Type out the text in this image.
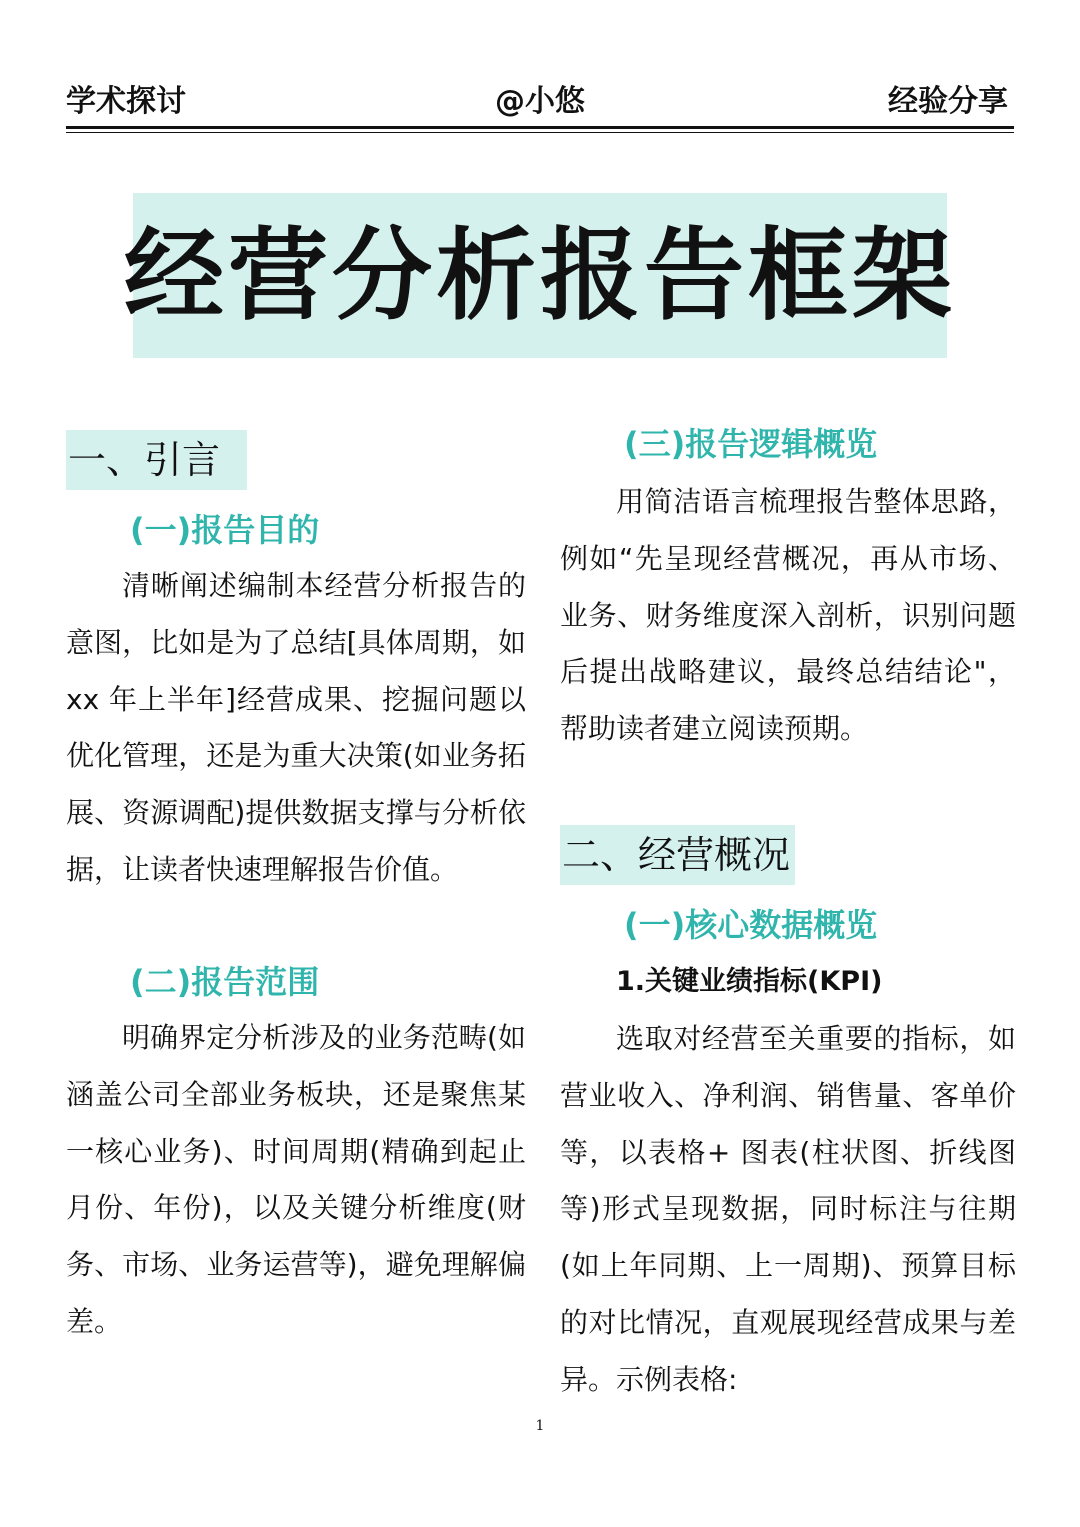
学术探讨	@小悠	经验分享
经营分析报告框架
一、引言
(一)报告目的

清晰阐述编制本经营分析报告的意图，比如是为了总结[具体周期，如 xx 年上半年]经营成果、挖掘问题以优化管理，还是为重大决策(如业务拓展、资源调配)提供数据支撑与分析依据，让读者快速理解报告价值。

(二)报告范围

明确界定分析涉及的业务范畴(如涵盖公司全部业务板块，还是聚焦某一核心业务)、时间周期(精确到起止月份、年份)，以及关键分析维度(财务、市场、业务运营等)，避免理解偏差。

(三)报告逻辑概览

用简洁语言梳理报告整体思路，例如“先呈现经营概况，再从市场、业务、财务维度深入剖析，识别问题后提出战略建议，最终总结结论"，帮助读者建立阅读预期。

二、经营概况
(一)核心数据概览
1.关键业绩指标(KPI)

选取对经营至关重要的指标，如营业收入、净利润、销售量、客单价等，以表格+ 图表(柱状图、折线图等)形式呈现数据，同时标注与往期(如上年同期、上一周期)、预算目标的对比情况，直观展现经营成果与差异。示例表格:

1
